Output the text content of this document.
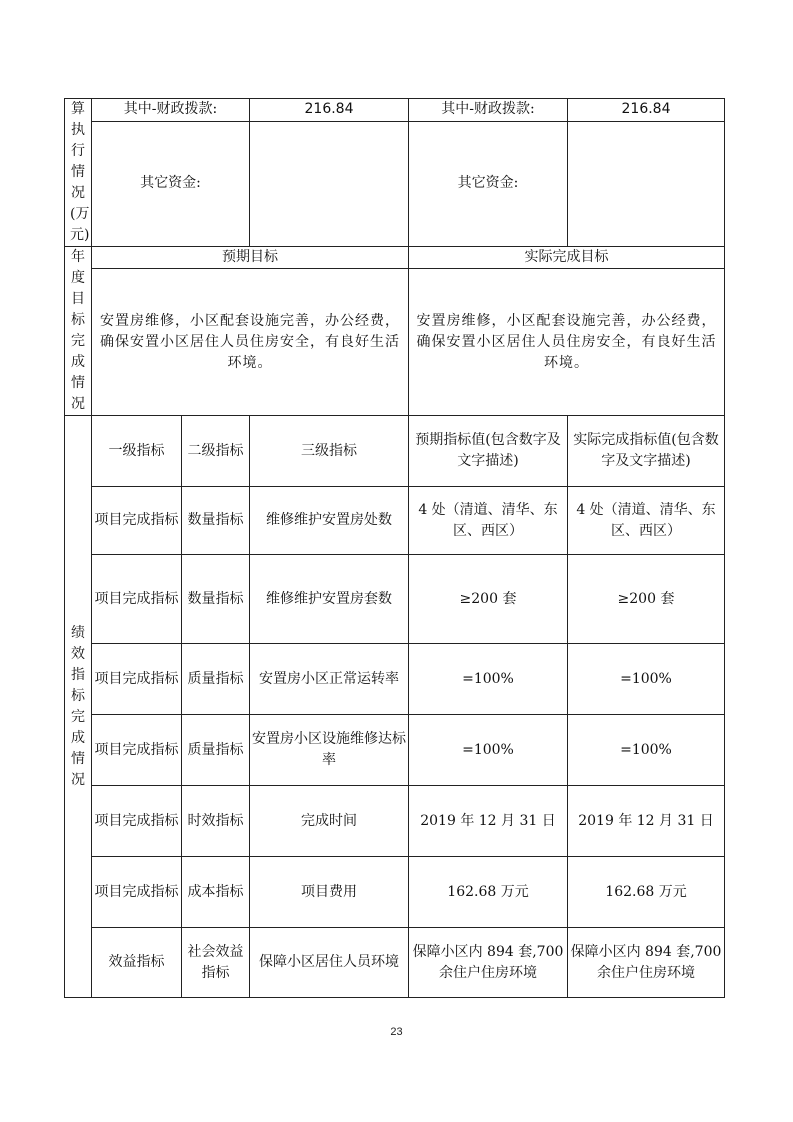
算执行情况(万元)	其中-财政拨款:		216.84	其中-财政拨款:	216.84
	其它资金:			其它资金:	

年度目标完成情况	预期目标			实际完成目标	
	安置房维修，小区配套设施完善，办公经费，确保安置小区居住人员住房安全，有良好生活环境。			安置房维修，小区配套设施完善，办公经费，确保安置小区居住人员住房安全，有良好生活环境。	

绩效指标完成情况	一级指标	二级指标	三级指标	预期指标值(包含数字及文字描述)	实际完成指标值(包含数字及文字描述)
	项目完成指标	数量指标	维修维护安置房处数	4 处（清道、清华、东区、西区）	4 处（清道、清华、东区、西区）
	项目完成指标	数量指标	维修维护安置房套数	≥200 套	≥200 套
	项目完成指标	质量指标	安置房小区正常运转率	=100%	=100%
	项目完成指标	质量指标	安置房小区设施维修达标率	=100%	=100%
	项目完成指标	时效指标	完成时间	2019 年 12 月 31 日	2019 年 12 月 31 日
	项目完成指标	成本指标	项目费用	162.68 万元	162.68 万元
	效益指标	社会效益指标	保障小区居住人员环境	保障小区内 894 套,700 余住户住房环境	保障小区内 894 套,700 余住户住房环境
23
